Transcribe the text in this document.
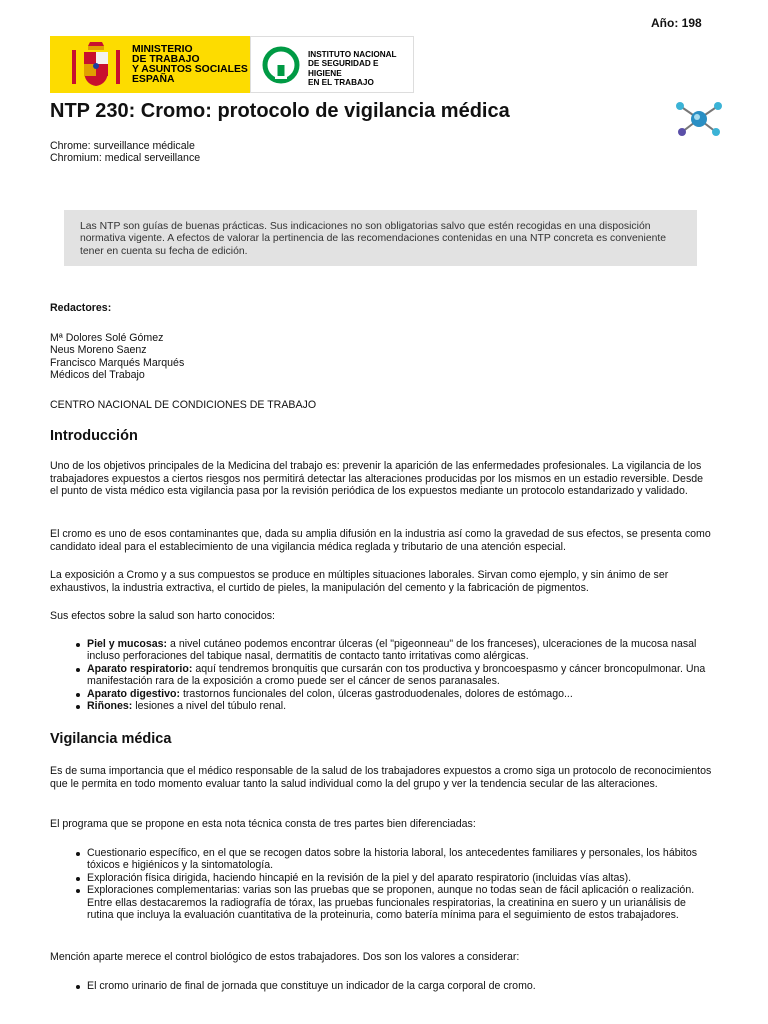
Año: 198
MINISTERIO
DE TRABAJO
Y ASUNTOS SOCIALES
ESPAÑA
INSTITUTO NACIONAL
DE SEGURIDAD E HIGIENE
EN EL TRABAJO
NTP 230: Cromo: protocolo de vigilancia médica
Chrome: surveillance médicale
Chromium: medical serveillance
Las NTP son guías de buenas prácticas. Sus indicaciones no son obligatorias salvo que estén recogidas en una disposición normativa vigente. A efectos de valorar la pertinencia de las recomendaciones contenidas en una NTP concreta es conveniente tener en cuenta su fecha de edición.
Redactores:
Mª Dolores Solé Gómez
Neus Moreno Saenz
Francisco Marqués Marqués
Médicos del Trabajo
CENTRO NACIONAL DE CONDICIONES DE TRABAJO
Introducción

Uno de los objetivos principales de la Medicina del trabajo es: prevenir la aparición de las enfermedades profesionales. La vigilancia de los trabajadores expuestos a ciertos riesgos nos permitirá detectar las alteraciones producidas por los mismos en un estadio reversible. Desde el punto de vista médico esta vigilancia pasa por la revisión periódica de los expuestos mediante un protocolo estandarizado y validado.

El cromo es uno de esos contaminantes que, dada su amplia difusión en la industria así como la gravedad de sus efectos, se presenta como candidato ideal para el establecimiento de una vigilancia médica reglada y tributario de una atención especial.

La exposición a Cromo y a sus compuestos se produce en múltiples situaciones laborales. Sirvan como ejemplo, y sin ánimo de ser exhaustivos, la industria extractiva, el curtido de pieles, la manipulación del cemento y la fabricación de pigmentos.

Sus efectos sobre la salud son harto conocidos:

Piel y mucosas: a nivel cutáneo podemos encontrar úlceras (el "pigeonneau" de los franceses), ulceraciones de la mucosa nasal incluso perforaciones del tabique nasal, dermatitis de contacto tanto irritativas como alérgicas.
Aparato respiratorio: aquí tendremos bronquitis que cursarán con tos productiva y broncoespasmo y cáncer broncopulmonar. Una manifestación rara de la exposición a cromo puede ser el cáncer de senos paranasales.
Aparato digestivo: trastornos funcionales del colon, úlceras gastroduodenales, dolores de estómago...
Riñones: lesiones a nivel del túbulo renal.
Vigilancia médica

Es de suma importancia que el médico responsable de la salud de los trabajadores expuestos a cromo siga un protocolo de reconocimientos que le permita en todo momento evaluar tanto la salud individual como la del grupo y ver la tendencia secular de las alteraciones.

El programa que se propone en esta nota técnica consta de tres partes bien diferenciadas:

Cuestionario específico, en el que se recogen datos sobre la historia laboral, los antecedentes familiares y personales, los hábitos tóxicos e higiénicos y la sintomatología.
Exploración física dirigida, haciendo hincapié en la revisión de la piel y del aparato respiratorio (incluidas vías altas).
Exploraciones complementarias: varias son las pruebas que se proponen, aunque no todas sean de fácil aplicación o realización. Entre ellas destacaremos la radiografía de tórax, las pruebas funcionales respiratorias, la creatinina en suero y un urianálisis de rutina que incluya la evaluación cuantitativa de la proteinuria, como batería mínima para el seguimiento de estos trabajadores.

Mención aparte merece el control biológico de estos trabajadores. Dos son los valores a considerar:

El cromo urinario de final de jornada que constituye un indicador de la carga corporal de cromo.
